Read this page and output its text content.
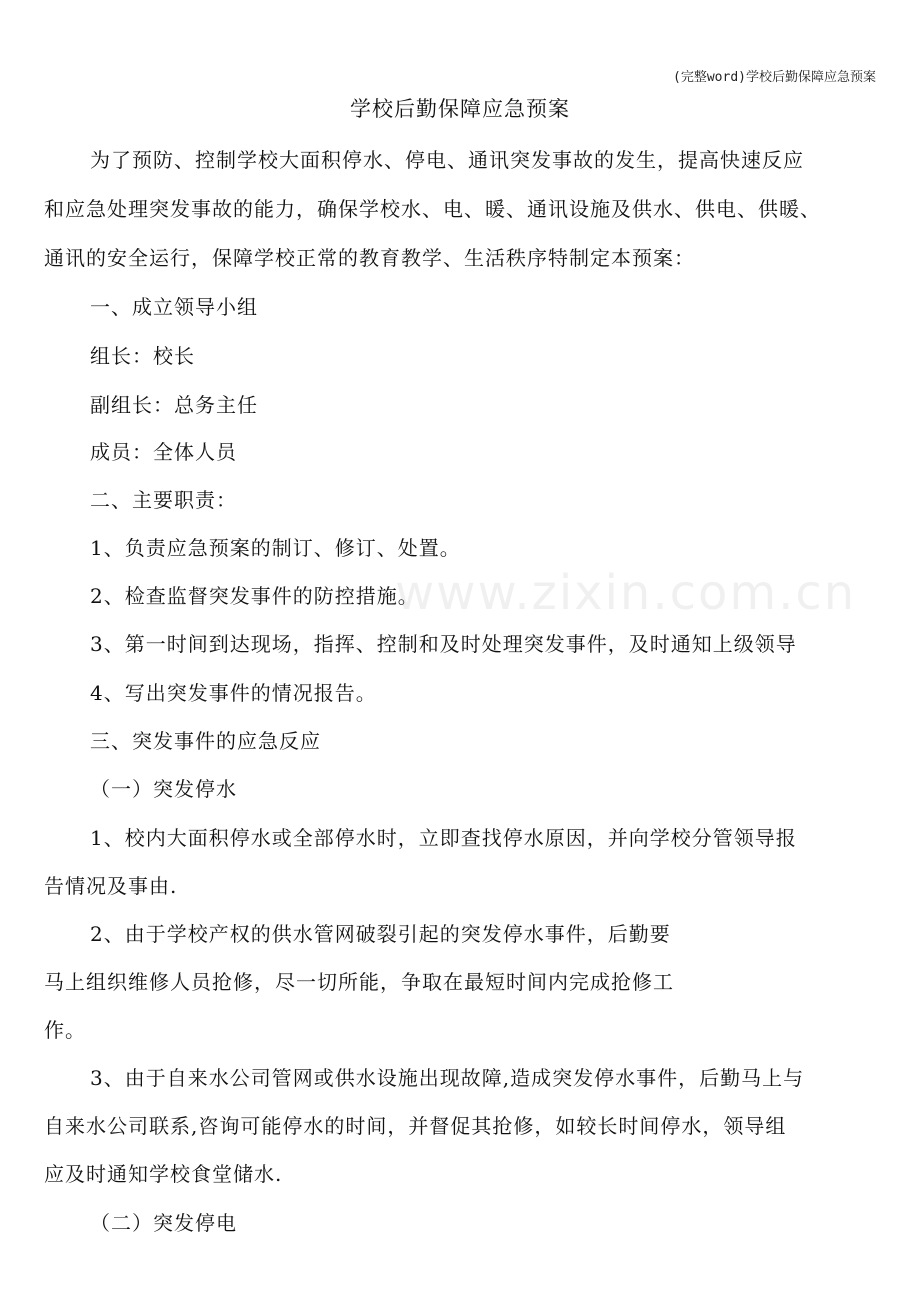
(完整word)学校后勤保障应急预案
学校后勤保障应急预案
www.zixin.com.cn
为了预防、控制学校大面积停水、停电、通讯突发事故的发生，提高快速反应
和应急处理突发事故的能力，确保学校水、电、暖、通讯设施及供水、供电、供暖、
通讯的安全运行，保障学校正常的教育教学、生活秩序特制定本预案：
一、成立领导小组
组长：校长
副组长：总务主任
成员：全体人员
二、主要职责：
1、负责应急预案的制订、修订、处置。
2、检查监督突发事件的防控措施。
3、第一时间到达现场，指挥、控制和及时处理突发事件，及时通知上级领导
4、写出突发事件的情况报告。
三、突发事件的应急反应
（一）突发停水
1、校内大面积停水或全部停水时，立即查找停水原因，并向学校分管领导报
告情况及事由.
2、由于学校产权的供水管网破裂引起的突发停水事件，后勤要
马上组织维修人员抢修，尽一切所能，争取在最短时间内完成抢修工
作。
3、由于自来水公司管网或供水设施出现故障,造成突发停水事件，后勤马上与
自来水公司联系,咨询可能停水的时间，并督促其抢修，如较长时间停水，领导组
应及时通知学校食堂储水.
（二）突发停电
